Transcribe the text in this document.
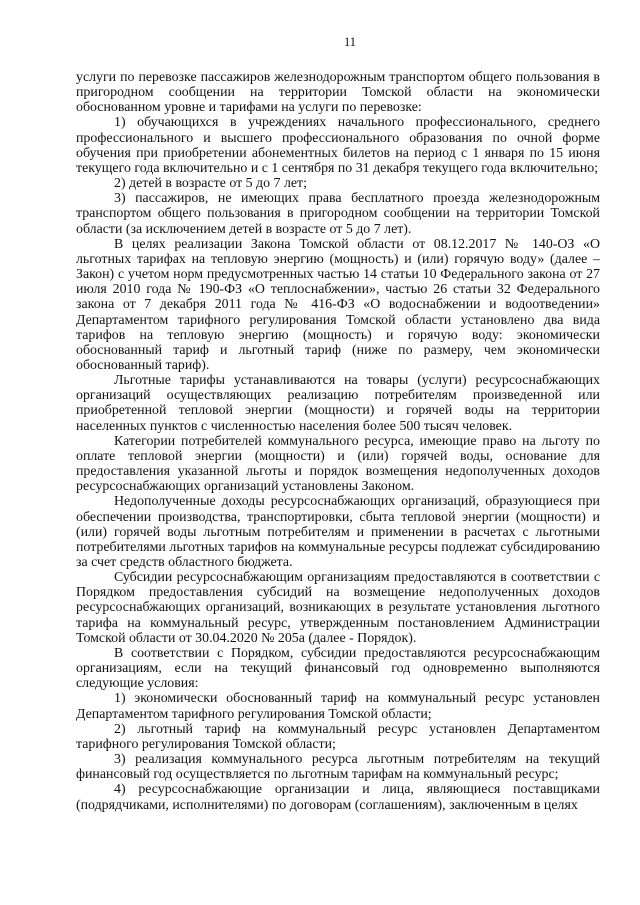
11

услуги по перевозке пассажиров железнодорожным транспортом общего пользования в пригородном сообщении на территории Томской области на экономически обоснованном уровне и тарифами на услуги по перевозке:

1) обучающихся в учреждениях начального профессионального, среднего профессионального и высшего профессионального образования по очной форме обучения при приобретении абонементных билетов на период с 1 января по 15 июня текущего года включительно и с 1 сентября по 31 декабря текущего года включительно;

2) детей в возрасте от 5 до 7 лет;

3) пассажиров, не имеющих права бесплатного проезда железнодорожным транспортом общего пользования в пригородном сообщении на территории Томской области (за исключением детей в возрасте от 5 до 7 лет).

В целях реализации Закона Томской области от 08.12.2017 № 140-ОЗ «О льготных тарифах на тепловую энергию (мощность) и (или) горячую воду» (далее – Закон) с учетом норм предусмотренных частью 14 статьи 10 Федерального закона от 27 июля 2010 года № 190-ФЗ «О теплоснабжении», частью 26 статьи 32 Федерального закона от 7 декабря 2011 года № 416-ФЗ «О водоснабжении и водоотведении» Департаментом тарифного регулирования Томской области установлено два вида тарифов на тепловую энергию (мощность) и горячую воду: экономически обоснованный тариф и льготный тариф (ниже по размеру, чем экономически обоснованный тариф).

Льготные тарифы устанавливаются на товары (услуги) ресурсоснабжающих организаций осуществляющих реализацию потребителям произведенной или приобретенной тепловой энергии (мощности) и горячей воды на территории населенных пунктов с численностью населения более 500 тысяч человек.

Категории потребителей коммунального ресурса, имеющие право на льготу по оплате тепловой энергии (мощности) и (или) горячей воды, основание для предоставления указанной льготы и порядок возмещения недополученных доходов ресурсоснабжающих организаций установлены Законом.

Недополученные доходы ресурсоснабжающих организаций, образующиеся при обеспечении производства, транспортировки, сбыта тепловой энергии (мощности) и (или) горячей воды льготным потребителям и применении в расчетах с льготными потребителями льготных тарифов на коммунальные ресурсы подлежат субсидированию за счет средств областного бюджета.

Субсидии ресурсоснабжающим организациям предоставляются в соответствии с Порядком предоставления субсидий на возмещение недополученных доходов ресурсоснабжающих организаций, возникающих в результате установления льготного тарифа на коммунальный ресурс, утвержденным постановлением Администрации Томской области от 30.04.2020 № 205а (далее - Порядок).

В соответствии с Порядком, субсидии предоставляются ресурсоснабжающим организациям, если на текущий финансовый год одновременно выполняются следующие условия:

1) экономически обоснованный тариф на коммунальный ресурс установлен Департаментом тарифного регулирования Томской области;

2) льготный тариф на коммунальный ресурс установлен Департаментом тарифного регулирования Томской области;

3) реализация коммунального ресурса льготным потребителям на текущий финансовый год осуществляется по льготным тарифам на коммунальный ресурс;

4) ресурсоснабжающие организации и лица, являющиеся поставщиками (подрядчиками, исполнителями) по договорам (соглашениям), заключенным в целях
